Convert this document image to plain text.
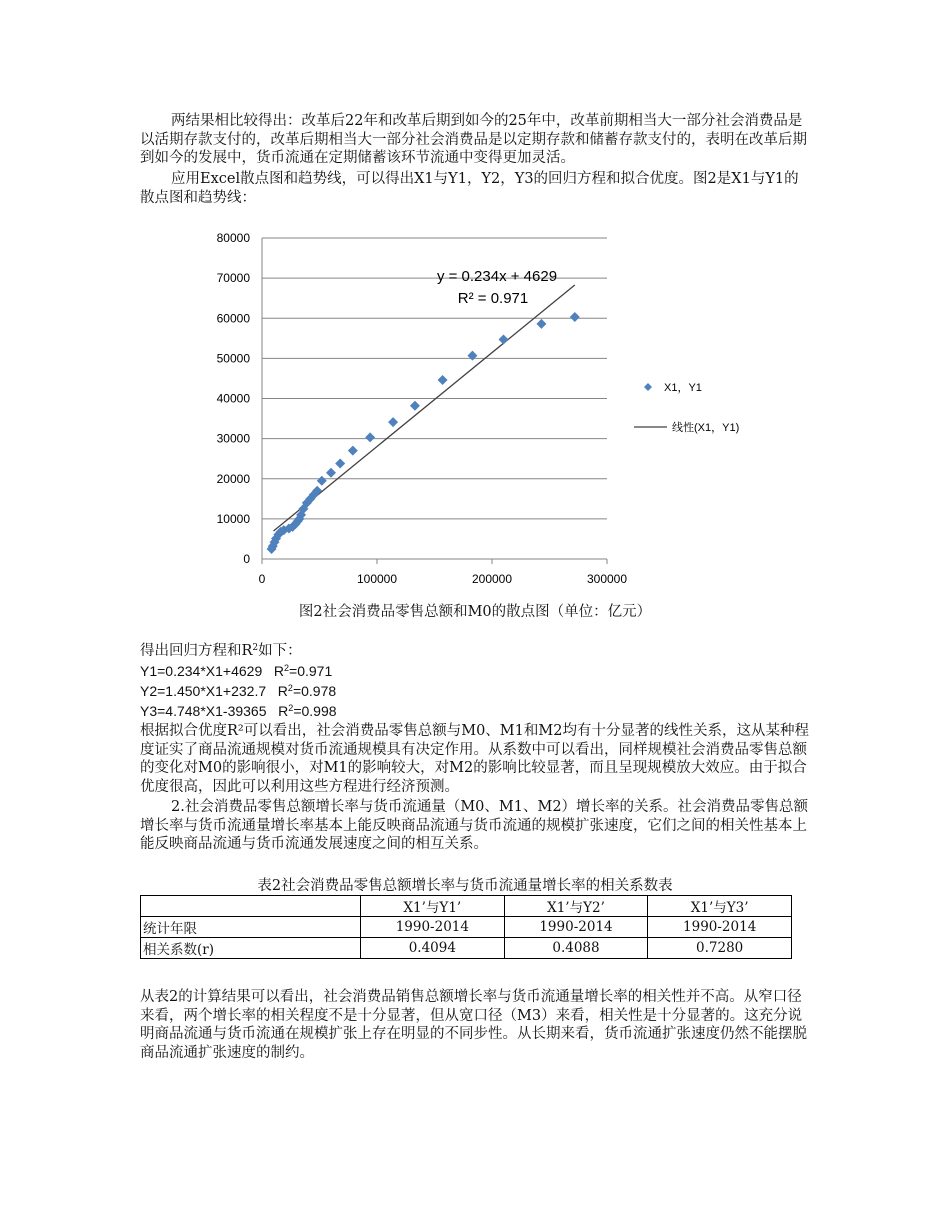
两结果相比较得出：改革后22年和改革后期到如今的25年中，改革前期相当大一部分社会消费品是以活期存款支付的，改革后期相当大一部分社会消费品是以定期存款和储蓄存款支付的，表明在改革后期到如今的发展中，货币流通在定期储蓄该环节流通中变得更加灵活。

应用Excel散点图和趋势线，可以得出X1与Y1，Y2，Y3的回归方程和拟合优度。图2是X1与Y1的散点图和趋势线：

0
10000
20000
30000
40000
50000
60000
70000
80000
0	100000	200000	300000
y = 0.234x + 4629
R² = 0.971
X1，Y1
线性(X1，Y1)
图2社会消费品零售总额和M0的散点图（单位：亿元）

得出回归方程和$R^2$如下：

Y1=0.234*X1+4629 $R^2=0.971$
Y2=1.450*X1+232.7 $R^2=0.978$
Y3=4.748*X1-39365 $R^2=0.998$

根据拟合优度R²可以看出，社会消费品零售总额与M0、M1和M2均有十分显著的线性关系，这从某种程度证实了商品流通规模对货币流通规模具有决定作用。从系数中可以看出，同样规模社会消费品零售总额的变化对M0的影响很小，对M1的影响较大，对M2的影响比较显著，而且呈现规模放大效应。由于拟合优度很高，因此可以利用这些方程进行经济预测。

2.社会消费品零售总额增长率与货币流通量（M0、M1、M2）增长率的关系。社会消费品零售总额增长率与货币流通量增长率基本上能反映商品流通与货币流通的规模扩张速度，它们之间的相关性基本上能反映商品流通与货币流通发展速度之间的相互关系。

表2社会消费品零售总额增长率与货币流通量增长率的相关系数表
	X1’与Y1’	X1’与Y2’	X1’与Y3’
统计年限	1990-2014	1990-2014	1990-2014
相关系数(r)	0.4094	0.4088	0.7280

从表2的计算结果可以看出，社会消费品销售总额增长率与货币流通量增长率的相关性并不高。从窄口径来看，两个增长率的相关程度不是十分显著，但从宽口径（M3）来看，相关性是十分显著的。这充分说明商品流通与货币流通在规模扩张上存在明显的不同步性。从长期来看，货币流通扩张速度仍然不能摆脱商品流通扩张速度的制约。
